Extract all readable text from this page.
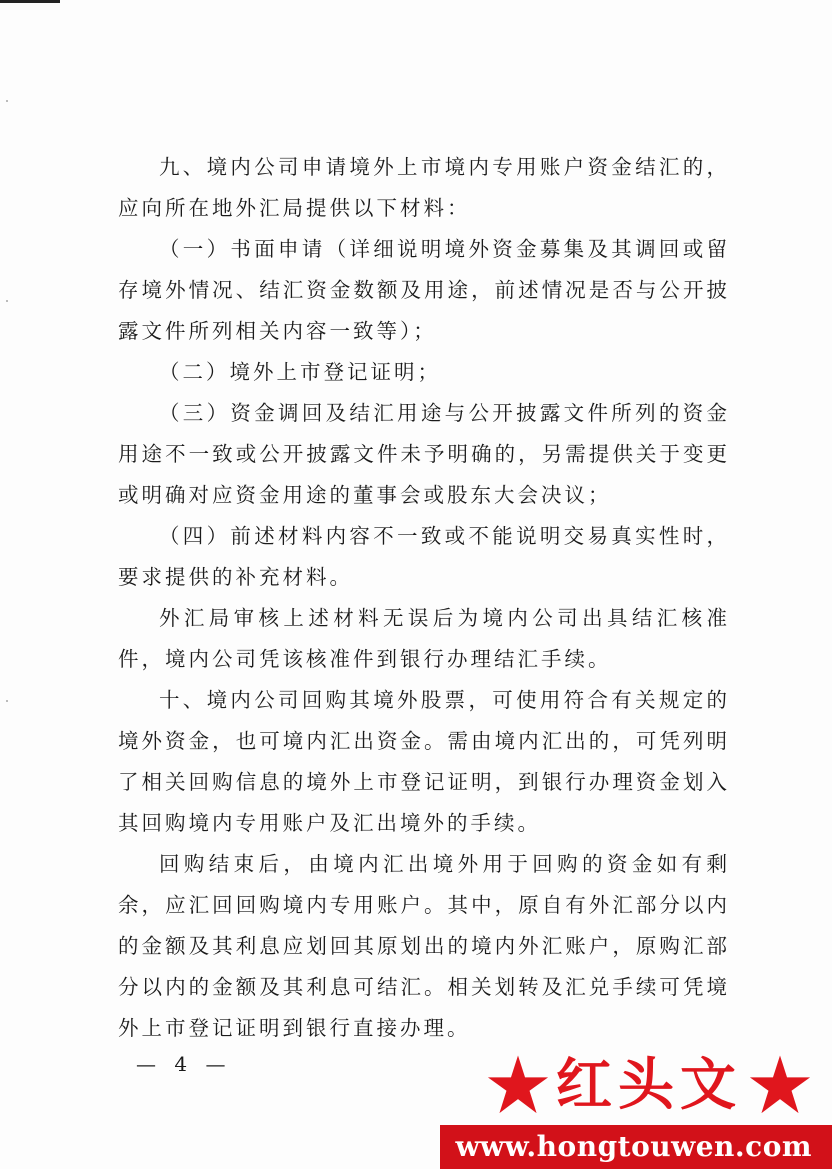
九、境内公司申请境外上市境内专用账户资金结汇的，应向所在地外汇局提供以下材料：

（一）书面申请（详细说明境外资金募集及其调回或留存境外情况、结汇资金数额及用途，前述情况是否与公开披露文件所列相关内容一致等）；

（二）境外上市登记证明；

（三）资金调回及结汇用途与公开披露文件所列的资金用途不一致或公开披露文件未予明确的，另需提供关于变更或明确对应资金用途的董事会或股东大会决议；

（四）前述材料内容不一致或不能说明交易真实性时，要求提供的补充材料。

外汇局审核上述材料无误后为境内公司出具结汇核准件，境内公司凭该核准件到银行办理结汇手续。

十、境内公司回购其境外股票，可使用符合有关规定的境外资金，也可境内汇出资金。需由境内汇出的，可凭列明了相关回购信息的境外上市登记证明，到银行办理资金划入其回购境内专用账户及汇出境外的手续。

回购结束后，由境内汇出境外用于回购的资金如有剩余，应汇回回购境内专用账户。其中，原自有外汇部分以内的金额及其利息应划回其原划出的境内外汇账户，原购汇部分以内的金额及其利息可结汇。相关划转及汇兑手续可凭境外上市登记证明到银行直接办理。

— 4 —	红头文
www.hongtouwen.com
